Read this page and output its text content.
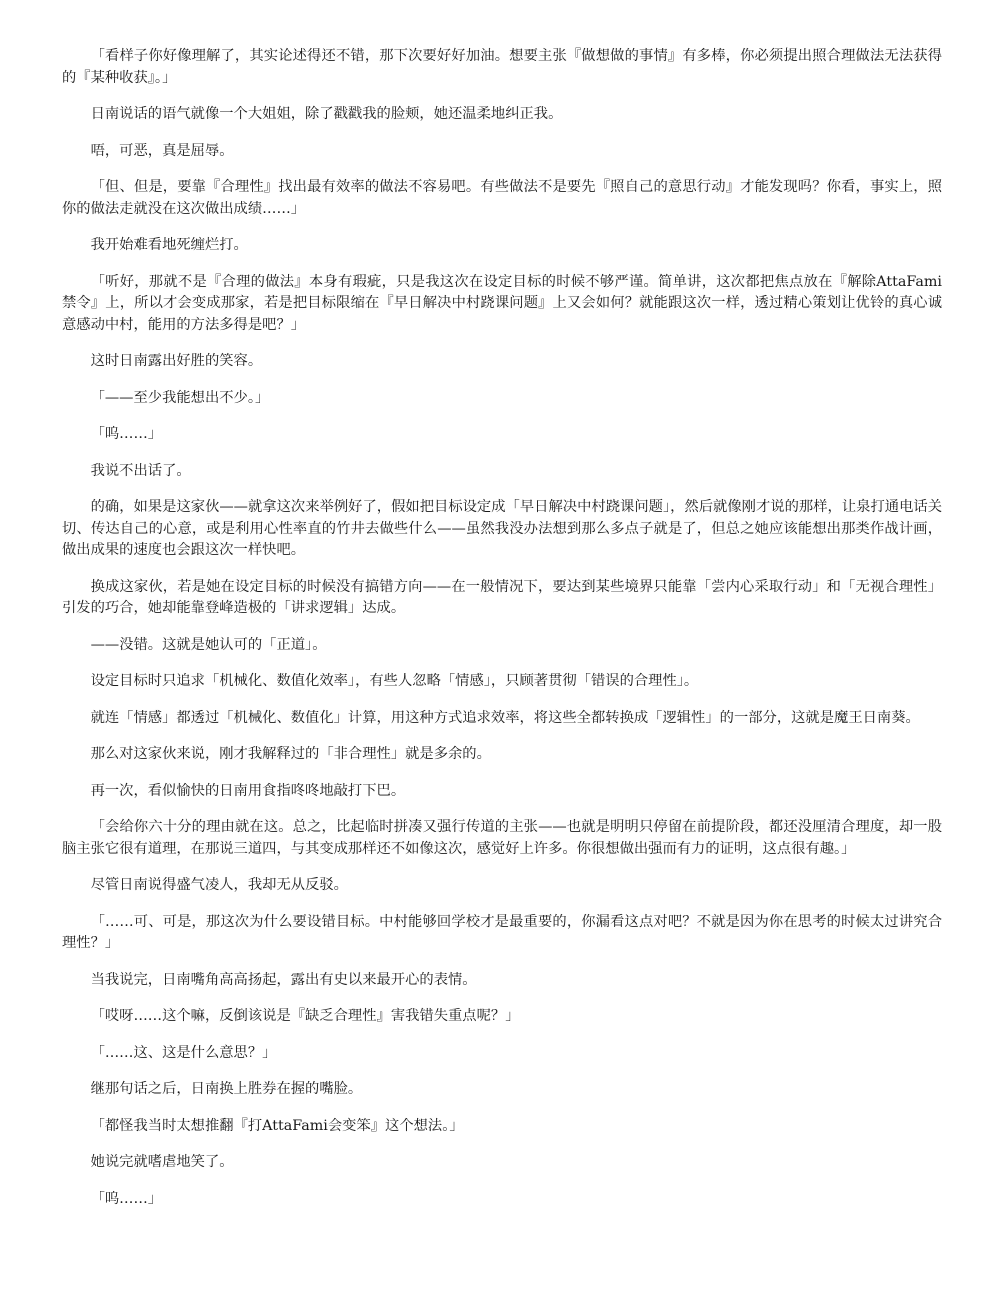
「看样子你好像理解了，其实论述得还不错，那下次要好好加油。想要主张『做想做的事情』有多棒，你必须提出照合理做法无法获得的『某种收获』。」

日南说话的语气就像一个大姐姐，除了戳戳我的脸颊，她还温柔地纠正我。

唔，可恶，真是屈辱。

「但、但是，要靠『合理性』找出最有效率的做法不容易吧。有些做法不是要先『照自己的意思行动』才能发现吗？你看，事实上，照你的做法走就没在这次做出成绩……」

我开始难看地死缠烂打。

「听好，那就不是『合理的做法』本身有瑕疵，只是我这次在设定目标的时候不够严谨。简单讲，这次都把焦点放在『解除AttaFami禁令』上，所以才会变成那家，若是把目标限缩在『早日解决中村跷课问题』上又会如何？就能跟这次一样，透过精心策划让优铃的真心诚意感动中村，能用的方法多得是吧？」

这时日南露出好胜的笑容。

「——至少我能想出不少。」

「呜……」

我说不出话了。

的确，如果是这家伙——就拿这次来举例好了，假如把目标设定成「早日解决中村跷课问题」，然后就像刚才说的那样，让泉打通电话关切、传达自己的心意，或是利用心性率直的竹井去做些什么——虽然我没办法想到那么多点子就是了，但总之她应该能想出那类作战计画，做出成果的速度也会跟这次一样快吧。

换成这家伙，若是她在设定目标的时候没有搞错方向——在一般情况下，要达到某些境界只能靠「尝内心采取行动」和「无视合理性」引发的巧合，她却能靠登峰造极的「讲求逻辑」达成。

——没错。这就是她认可的「正道」。

设定目标时只追求「机械化、数值化效率」，有些人忽略「情感」，只顾著贯彻「错误的合理性」。

就连「情感」都透过「机械化、数值化」计算，用这种方式追求效率，将这些全都转换成「逻辑性」的一部分，这就是魔王日南葵。

那么对这家伙来说，刚才我解释过的「非合理性」就是多余的。

再一次，看似愉快的日南用食指咚咚地敲打下巴。

「会给你六十分的理由就在这。总之，比起临时拼凑又强行传道的主张——也就是明明只停留在前提阶段，都还没厘清合理度，却一股脑主张它很有道理，在那说三道四，与其变成那样还不如像这次，感觉好上许多。你很想做出强而有力的证明，这点很有趣。」

尽管日南说得盛气凌人，我却无从反驳。

「……可、可是，那这次为什么要设错目标。中村能够回学校才是最重要的，你漏看这点对吧？不就是因为你在思考的时候太过讲究合理性？」

当我说完，日南嘴角高高扬起，露出有史以来最开心的表情。

「哎呀……这个嘛，反倒该说是『缺乏合理性』害我错失重点呢？」

「……这、这是什么意思？」

继那句话之后，日南换上胜券在握的嘴脸。

「都怪我当时太想推翻『打AttaFami会变笨』这个想法。」

她说完就嗜虐地笑了。

「呜……」
